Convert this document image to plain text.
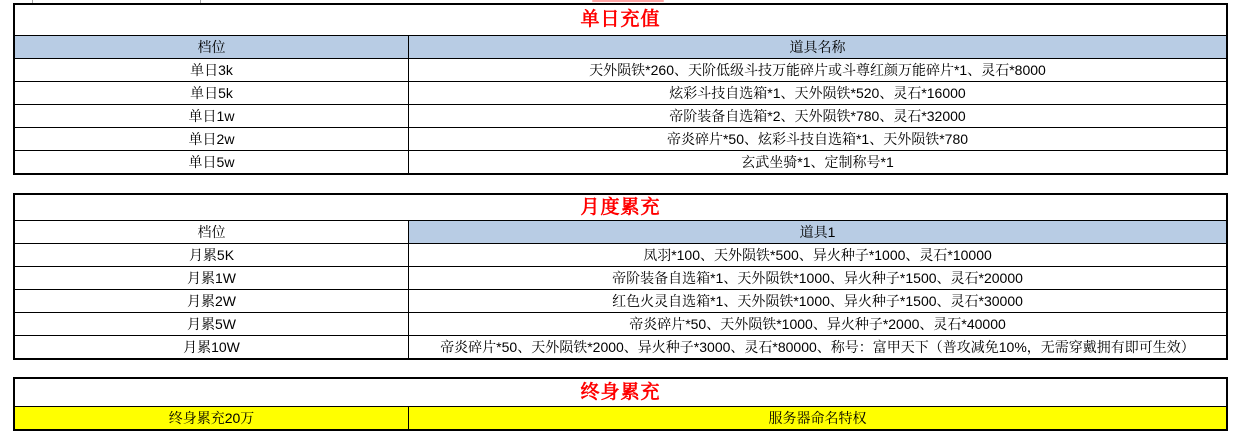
单日充值
档位	道具名称
单日3k	天外陨铁*260、天阶低级斗技万能碎片或斗尊红颜万能碎片*1、灵石*8000
单日5k	炫彩斗技自选箱*1、天外陨铁*520、灵石*16000
单日1w	帝阶装备自选箱*2、天外陨铁*780、灵石*32000
单日2w	帝炎碎片*50、炫彩斗技自选箱*1、天外陨铁*780
单日5w	玄武坐骑*1、定制称号*1
月度累充
档位	道具1
月累5K	凤羽*100、天外陨铁*500、异火种子*1000、灵石*10000
月累1W	帝阶装备自选箱*1、天外陨铁*1000、异火种子*1500、灵石*20000
月累2W	红色火灵自选箱*1、天外陨铁*1000、异火种子*1500、灵石*30000
月累5W	帝炎碎片*50、天外陨铁*1000、异火种子*2000、灵石*40000
月累10W	帝炎碎片*50、天外陨铁*2000、异火种子*3000、灵石*80000、称号：富甲天下（普攻减免10%，无需穿戴拥有即可生效）
终身累充
终身累充20万	服务器命名特权
